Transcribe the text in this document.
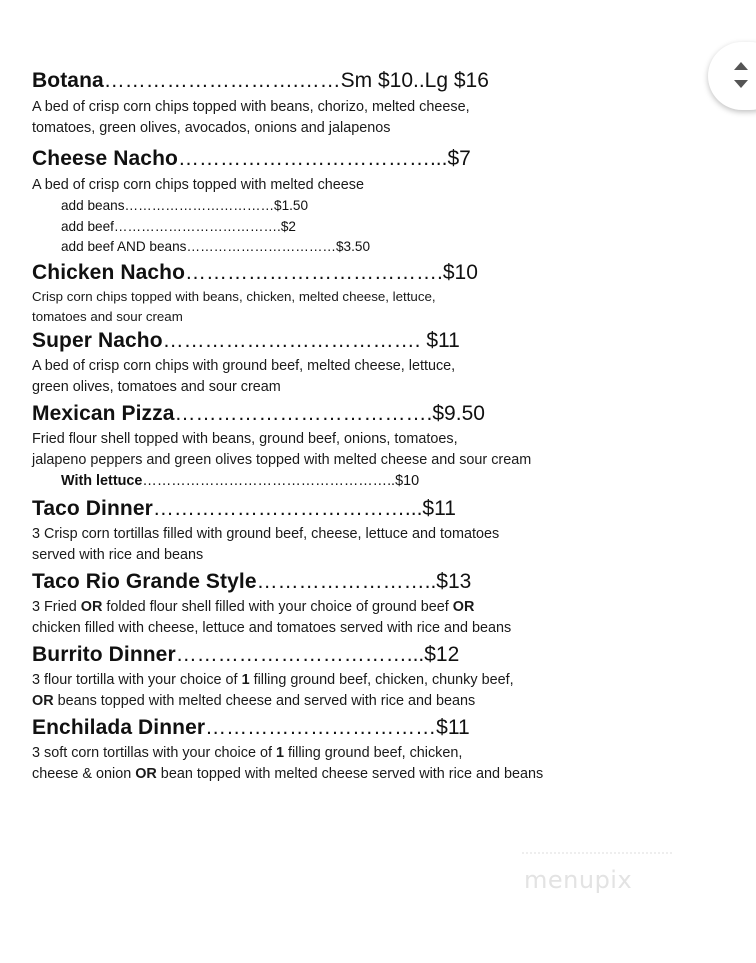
Botana……………………….……Sm $10..Lg $16
A bed of crisp corn chips topped with beans, chorizo, melted cheese,
tomatoes, green olives, avocados, onions and jalapenos
Cheese Nacho………………………………...$7
A bed of crisp corn chips topped with melted cheese
add beans……………………………$1.50
add beef……………………………….$2
add beef AND beans……………………………$3.50
Chicken Nacho……………………………….$10
Crisp corn chips topped with beans, chicken, melted cheese, lettuce,
tomatoes and sour cream
Super Nacho………………………………. $11
A bed of crisp corn chips with ground beef, melted cheese, lettuce,
green olives, tomatoes and sour cream
Mexican Pizza……………………………….$9.50
Fried flour shell topped with beans, ground beef, onions, tomatoes,
jalapeno peppers and green olives topped with melted cheese and sour cream
With lettuce……………………………………………..$10
Taco Dinner………………………………...$11
3 Crisp corn tortillas filled with ground beef, cheese, lettuce and tomatoes
served with rice and beans
Taco Rio Grande Style……………………..$13
3 Fried OR folded flour shell filled with your choice of ground beef OR
chicken filled with cheese, lettuce and tomatoes served with rice and beans
Burrito Dinner……………………………...$12
3 flour tortilla with your choice of 1 filling ground beef, chicken, chunky beef,
OR beans topped with melted cheese and served with rice and beans
Enchilada Dinner……………………………$11
3 soft corn tortillas with your choice of 1 filling ground beef, chicken,
cheese & onion OR bean topped with melted cheese served with rice and beans
menupix
